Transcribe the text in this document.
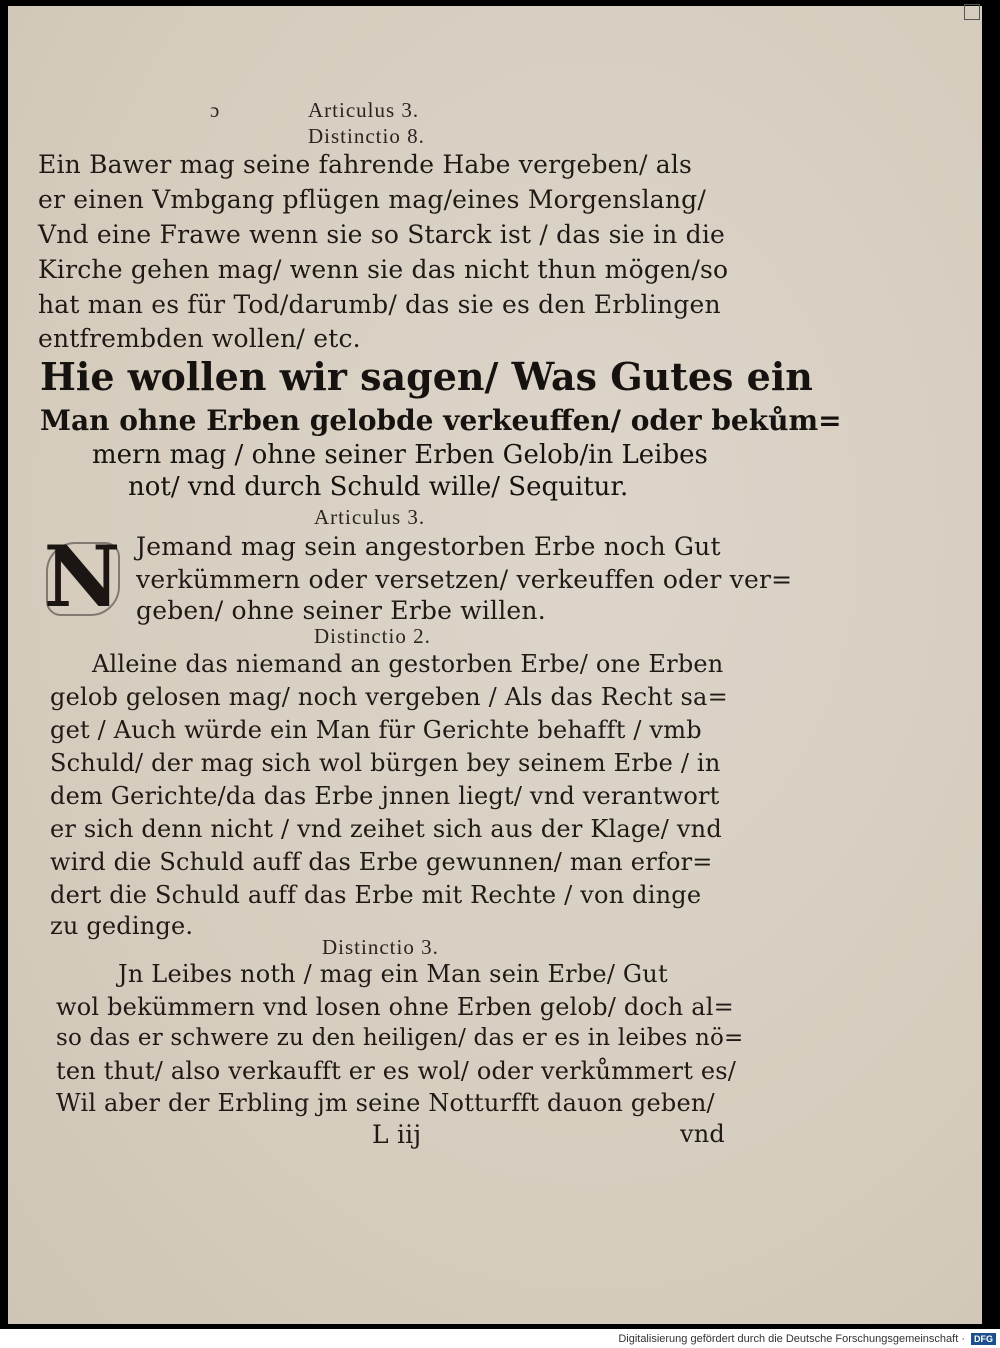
ɔ	Articulus 3.
Distinctio 8.
Ein Bawer mag seine fahrende Habe vergeben/ als
er einen Vmbgang pflügen mag/eines Morgenslang/
Vnd eine Frawe wenn sie so Starck ist / das sie in die
Kirche gehen mag/ wenn sie das nicht thun mögen/so
hat man es für Tod/darumb/ das sie es den Erblingen
entfrembden wollen/ etc.
Hie wollen wir sagen/ Was Gutes ein
Man ohne Erben gelobde verkeuffen/ oder bekům=
mern mag / ohne seiner Erben Gelob/in Leibes
not/ vnd durch Schuld wille/ Sequitur.
Articulus 3.
N Jemand mag sein angestorben Erbe noch Gut
verkümmern oder versetzen/ verkeuffen oder ver=
geben/ ohne seiner Erbe willen.
Distinctio 2.
Alleine das niemand an gestorben Erbe/ one Erben
gelob gelosen mag/ noch vergeben / Als das Recht sa=
get / Auch würde ein Man für Gerichte behafft / vmb
Schuld/ der mag sich wol bürgen bey seinem Erbe / in
dem Gerichte/da das Erbe jnnen liegt/ vnd verantwort
er sich denn nicht / vnd zeihet sich aus der Klage/ vnd
wird die Schuld auff das Erbe gewunnen/ man erfor=
dert die Schuld auff das Erbe mit Rechte / von dinge
zu gedinge.
Distinctio 3.
Jn Leibes noth / mag ein Man sein Erbe/ Gut
wol bekümmern vnd losen ohne Erben gelob/ doch al=
so das er schwere zu den heiligen/ das er es in leibes nö=
ten thut/ also verkaufft er es wol/ oder verkůmmert es/
Wil aber der Erbling jm seine Notturfft dauon geben/
L iij	vnd
Digitalisierung gefördert durch die Deutsche Forschungsgemeinschaft ·	DFG
